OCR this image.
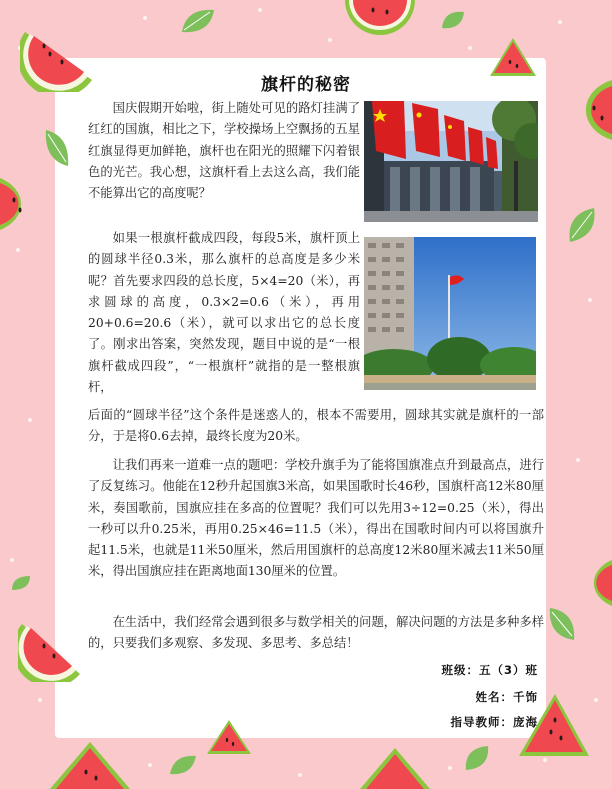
旗杆的秘密

国庆假期开始啦，街上随处可见的路灯挂满了红红的国旗，相比之下，学校操场上空飘扬的五星红旗显得更加鲜艳，旗杆也在阳光的照耀下闪着银色的光芒。我心想，这旗杆看上去这么高，我们能不能算出它的高度呢？

如果一根旗杆截成四段，每段5米，旗杆顶上的圆球半径0.3米，那么旗杆的总高度是多少米呢？首先要求四段的总长度，5×4=20（米），再求圆球的高度，0.3×2=0.6（米），再用20+0.6=20.6（米），就可以求出它的总长度了。刚求出答案，突然发现，题目中说的是“一根旗杆截成四段”，“一根旗杆”就指的是一整根旗杆，

后面的“圆球半径”这个条件是迷惑人的，根本不需要用，圆球其实就是旗杆的一部分，于是将0.6去掉，最终长度为20米。

让我们再来一道难一点的题吧：学校升旗手为了能将国旗准点升到最高点，进行了反复练习。他能在12秒升起国旗3米高，如果国歌时长46秒，国旗杆高12米80厘米，奏国歌前，国旗应挂在多高的位置呢？我们可以先用3÷12=0.25（米），得出一秒可以升0.25米，再用0.25×46=11.5（米），得出在国歌时间内可以将国旗升起11.5米，也就是11米50厘米，然后用国旗杆的总高度12米80厘米减去11米50厘米，得出国旗应挂在距离地面130厘米的位置。

在生活中，我们经常会遇到很多与数学相关的问题，解决问题的方法是多种多样的，只要我们多观察、多发现、多思考、多总结！

班级：五（3）班
姓名：千饰
指导教师：庞海
